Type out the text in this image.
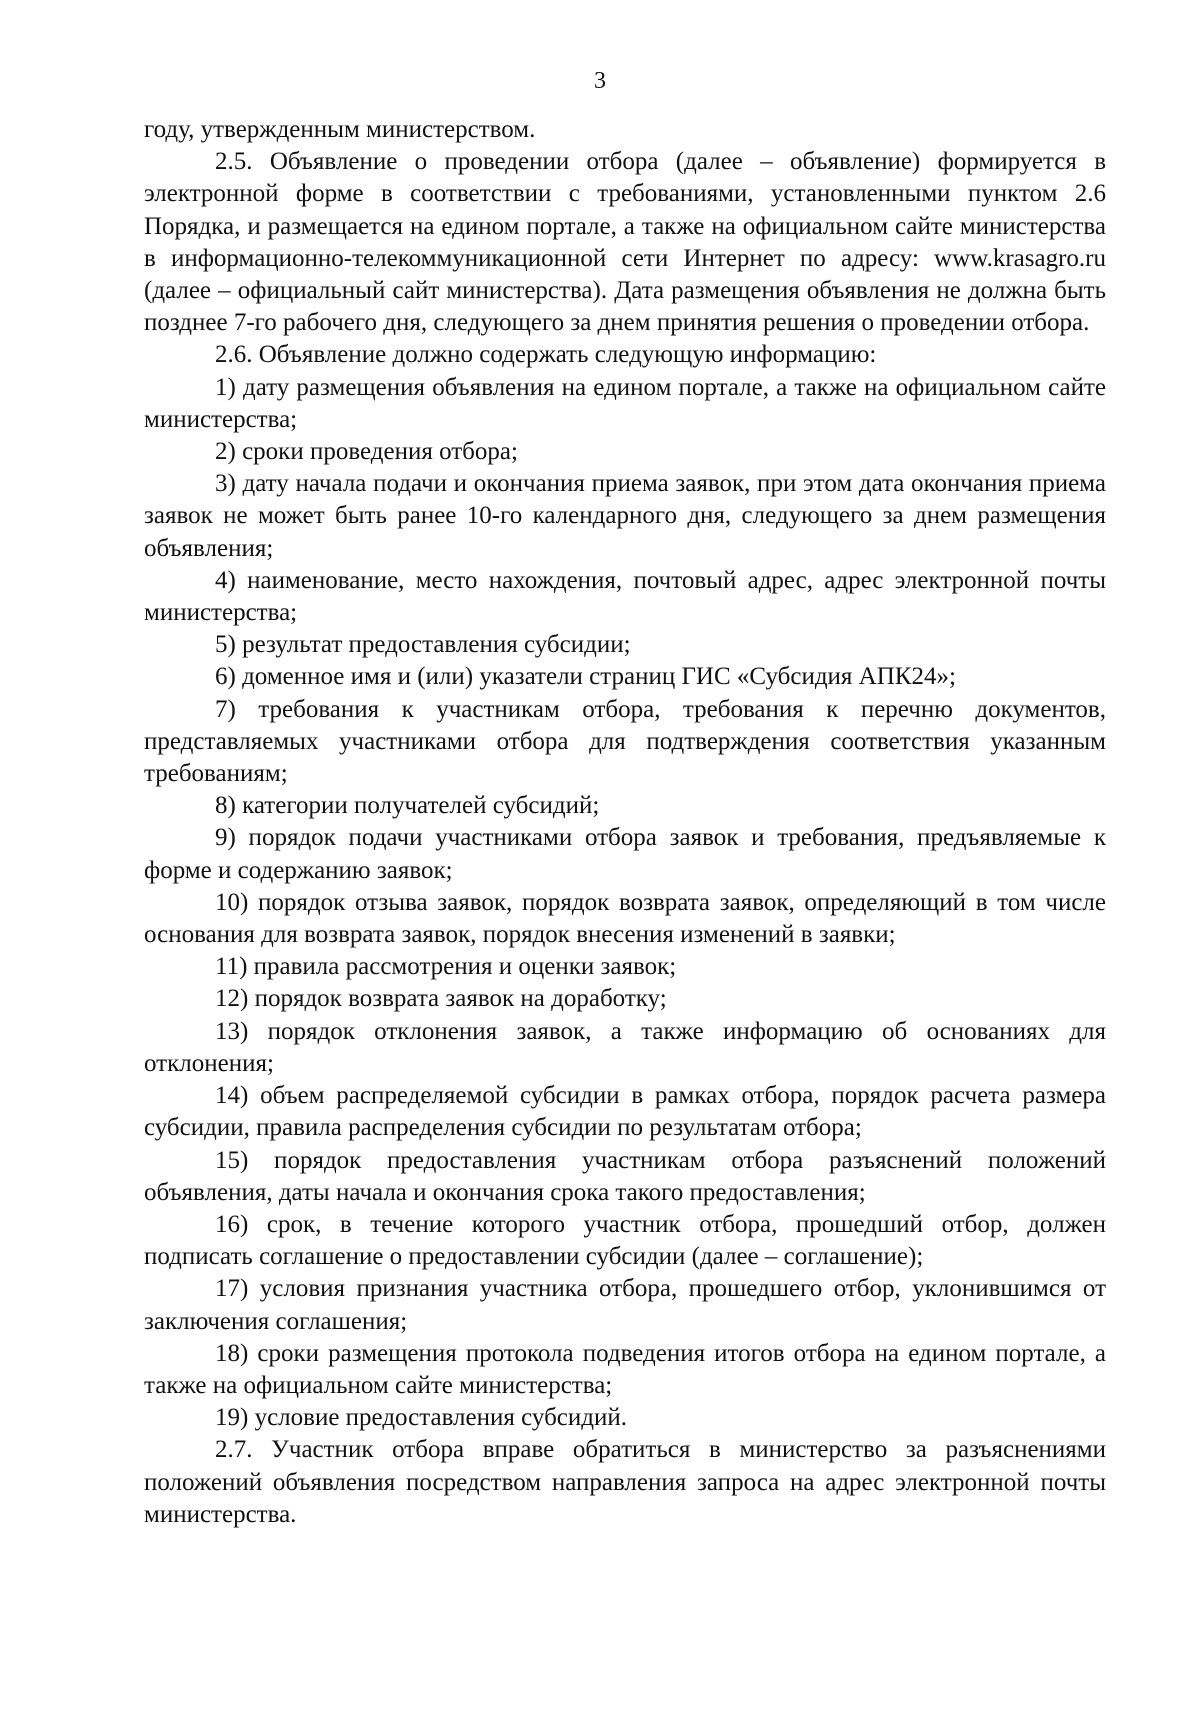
3

году, утвержденным министерством.

2.5. Объявление о проведении отбора (далее – объявление) формируется в электронной форме в соответствии с требованиями, установленными пунктом 2.6 Порядка, и размещается на едином портале, а также на официальном сайте министерства в информационно-телекоммуникационной сети Интернет по адресу: www.krasagro.ru (далее – официальный сайт министерства). Дата размещения объявления не должна быть позднее 7-го рабочего дня, следующего за днем принятия решения о проведении отбора.

2.6. Объявление должно содержать следующую информацию:

1) дату размещения объявления на едином портале, а также на официальном сайте министерства;

2) сроки проведения отбора;

3) дату начала подачи и окончания приема заявок, при этом дата окончания приема заявок не может быть ранее 10-го календарного дня, следующего за днем размещения объявления;

4) наименование, место нахождения, почтовый адрес, адрес электронной почты министерства;

5) результат предоставления субсидии;

6) доменное имя и (или) указатели страниц ГИС «Субсидия АПК24»;

7) требования к участникам отбора, требования к перечню документов, представляемых участниками отбора для подтверждения соответствия указанным требованиям;

8) категории получателей субсидий;

9) порядок подачи участниками отбора заявок и требования, предъявляемые к форме и содержанию заявок;

10) порядок отзыва заявок, порядок возврата заявок, определяющий в том числе основания для возврата заявок, порядок внесения изменений в заявки;

11) правила рассмотрения и оценки заявок;

12) порядок возврата заявок на доработку;

13) порядок отклонения заявок, а также информацию об основаниях для отклонения;

14) объем распределяемой субсидии в рамках отбора, порядок расчета размера субсидии, правила распределения субсидии по результатам отбора;

15) порядок предоставления участникам отбора разъяснений положений объявления, даты начала и окончания срока такого предоставления;

16) срок, в течение которого участник отбора, прошедший отбор, должен подписать соглашение о предоставлении субсидии (далее – соглашение);

17) условия признания участника отбора, прошедшего отбор, уклонившимся от заключения соглашения;

18) сроки размещения протокола подведения итогов отбора на едином портале, а также на официальном сайте министерства;

19) условие предоставления субсидий.

2.7. Участник отбора вправе обратиться в министерство за разъяснениями положений объявления посредством направления запроса на адрес электронной почты министерства.
